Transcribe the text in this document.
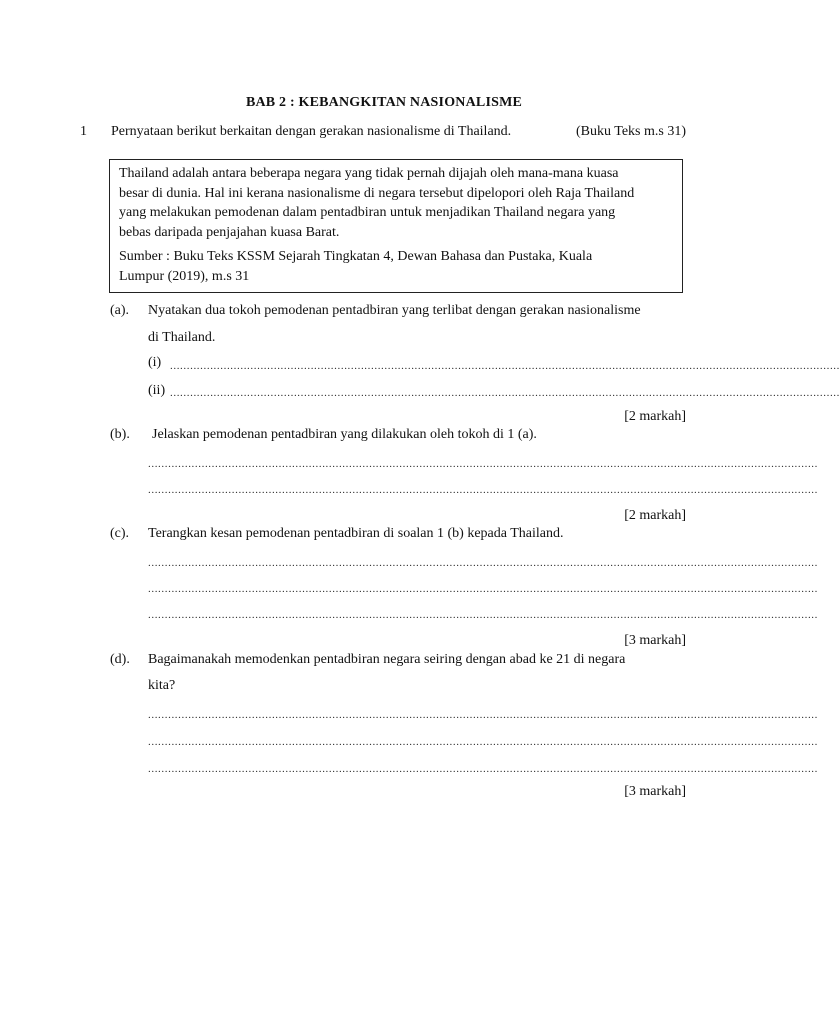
BAB 2 : KEBANGKITAN NASIONALISME
1 Pernyataan berikut berkaitan dengan gerakan nasionalisme di Thailand.	(Buku Teks m.s 31)
Thailand adalah antara beberapa negara yang tidak pernah dijajah oleh mana-mana kuasa
besar di dunia. Hal ini kerana nasionalisme di negara tersebut dipelopori oleh Raja Thailand
yang melakukan pemodenan dalam pentadbiran untuk menjadikan Thailand negara yang
bebas daripada penjajahan kuasa Barat.
Sumber : Buku Teks KSSM Sejarah Tingkatan 4, Dewan Bahasa dan Pustaka, Kuala
Lumpur (2019), m.s 31
(a). Nyatakan dua tokoh pemodenan pentadbiran yang terlibat dengan gerakan nasionalisme
di Thailand.
(i) ........................................................................................................................................................................................................
(ii) ........................................................................................................................................................................................................
[2 markah]
(b). Jelaskan pemodenan pentadbiran yang dilakukan oleh tokoh di 1 (a).
........................................................................................................................................................................................................
........................................................................................................................................................................................................
[2 markah]
(c). Terangkan kesan pemodenan pentadbiran di soalan 1 (b) kepada Thailand.
........................................................................................................................................................................................................
........................................................................................................................................................................................................
........................................................................................................................................................................................................
[3 markah]
(d). Bagaimanakah memodenkan pentadbiran negara seiring dengan abad ke 21 di negara
kita?
........................................................................................................................................................................................................
........................................................................................................................................................................................................
........................................................................................................................................................................................................
[3 markah]
